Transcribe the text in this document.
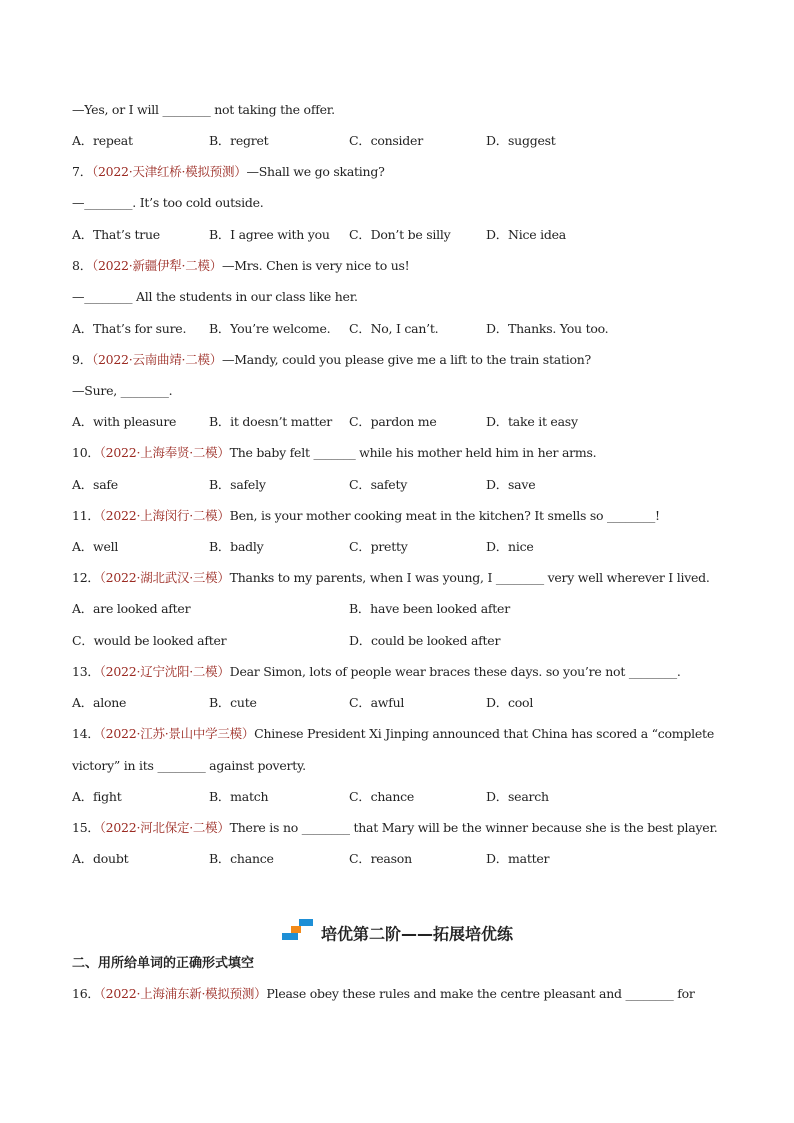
培优第二阶——拓展培优练
二、用所给单词的正确形式填空
—Yes, or I will ________ not taking the offer.
A．repeat	B．regret	C．consider	D．suggest
7．（2022·天津红桥·模拟预测）—Shall we go skating?
—________. It’s too cold outside.
A．That’s true	B．I agree with you C．Don’t be silly	D．Nice idea
8．（2022·新疆伊犁·二模）—Mrs. Chen is very nice to us!
—________ All the students in our class like her.
A．That’s for sure. B．You’re welcome. C．No, I can’t.	D．Thanks. You too.
9．（2022·云南曲靖·二模）—Mandy, could you please give me a lift to the train station?
—Sure, ________.
A．with pleasure	B．it doesn’t matter C．pardon me	D．take it easy
10．（2022·上海奉贤·二模）The baby felt _______ while his mother held him in her arms.
A．safe	B．safely	C．safety	D．save
11．（2022·上海闵行·二模）Ben, is your mother cooking meat in the kitchen? It smells so ________!
A．well	B．badly	C．pretty	D．nice
12．（2022·湖北武汉·三模）Thanks to my parents, when I was young, I ________ very well wherever I lived.
A．are looked after	B．have been looked after
C．would be looked after	D．could be looked after
13．（2022·辽宁沈阳·二模）Dear Simon, lots of people wear braces these days. so you’re not ________.
A．alone	B．cute	C．awful	D．cool
14．（2022·江苏·景山中学三模）Chinese President Xi Jinping announced that China has scored a “complete
victory” in its ________ against poverty.
A．fight	B．match	C．chance	D．search
15．（2022·河北保定·二模）There is no ________ that Mary will be the winner because she is the best player.
A．doubt	B．chance	C．reason	D．matter
16．（2022·上海浦东新·模拟预测）Please obey these rules and make the centre pleasant and ________ for
